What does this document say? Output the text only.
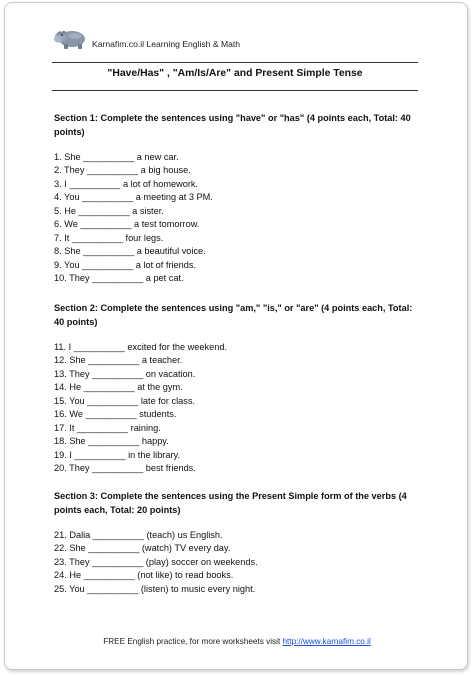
Karnafim.co.il Learning English & Math
"Have/Has" , "Am/Is/Are" and Present Simple Tense
Section 1: Complete the sentences using "have" or "has" (4 points each, Total: 40 points)
1. She __________ a new car.
2. They __________ a big house.
3. I __________ a lot of homework.
4. You __________ a meeting at 3 PM.
5. He __________ a sister.
6. We __________ a test tomorrow.
7. It __________ four legs.
8. She __________ a beautiful voice.
9. You __________ a lot of friends.
10. They __________ a pet cat.
Section 2: Complete the sentences using "am," "is," or "are" (4 points each, Total: 40 points)
11. I __________ excited for the weekend.
12. She __________ a teacher.
13. They __________ on vacation.
14. He __________ at the gym.
15. You __________ late for class.
16. We __________ students.
17. It __________ raining.
18. She __________ happy.
19. I __________ in the library.
20. They __________ best friends.
Section 3: Complete the sentences using the Present Simple form of the verbs (4 points each, Total: 20 points)
21. Dalia __________ (teach) us English.
22. She __________ (watch) TV every day.
23. They __________ (play) soccer on weekends.
24. He __________ (not like) to read books.
25. You __________ (listen) to music every night.
FREE English practice, for more worksheets visit http://www.karnafim.co.il
